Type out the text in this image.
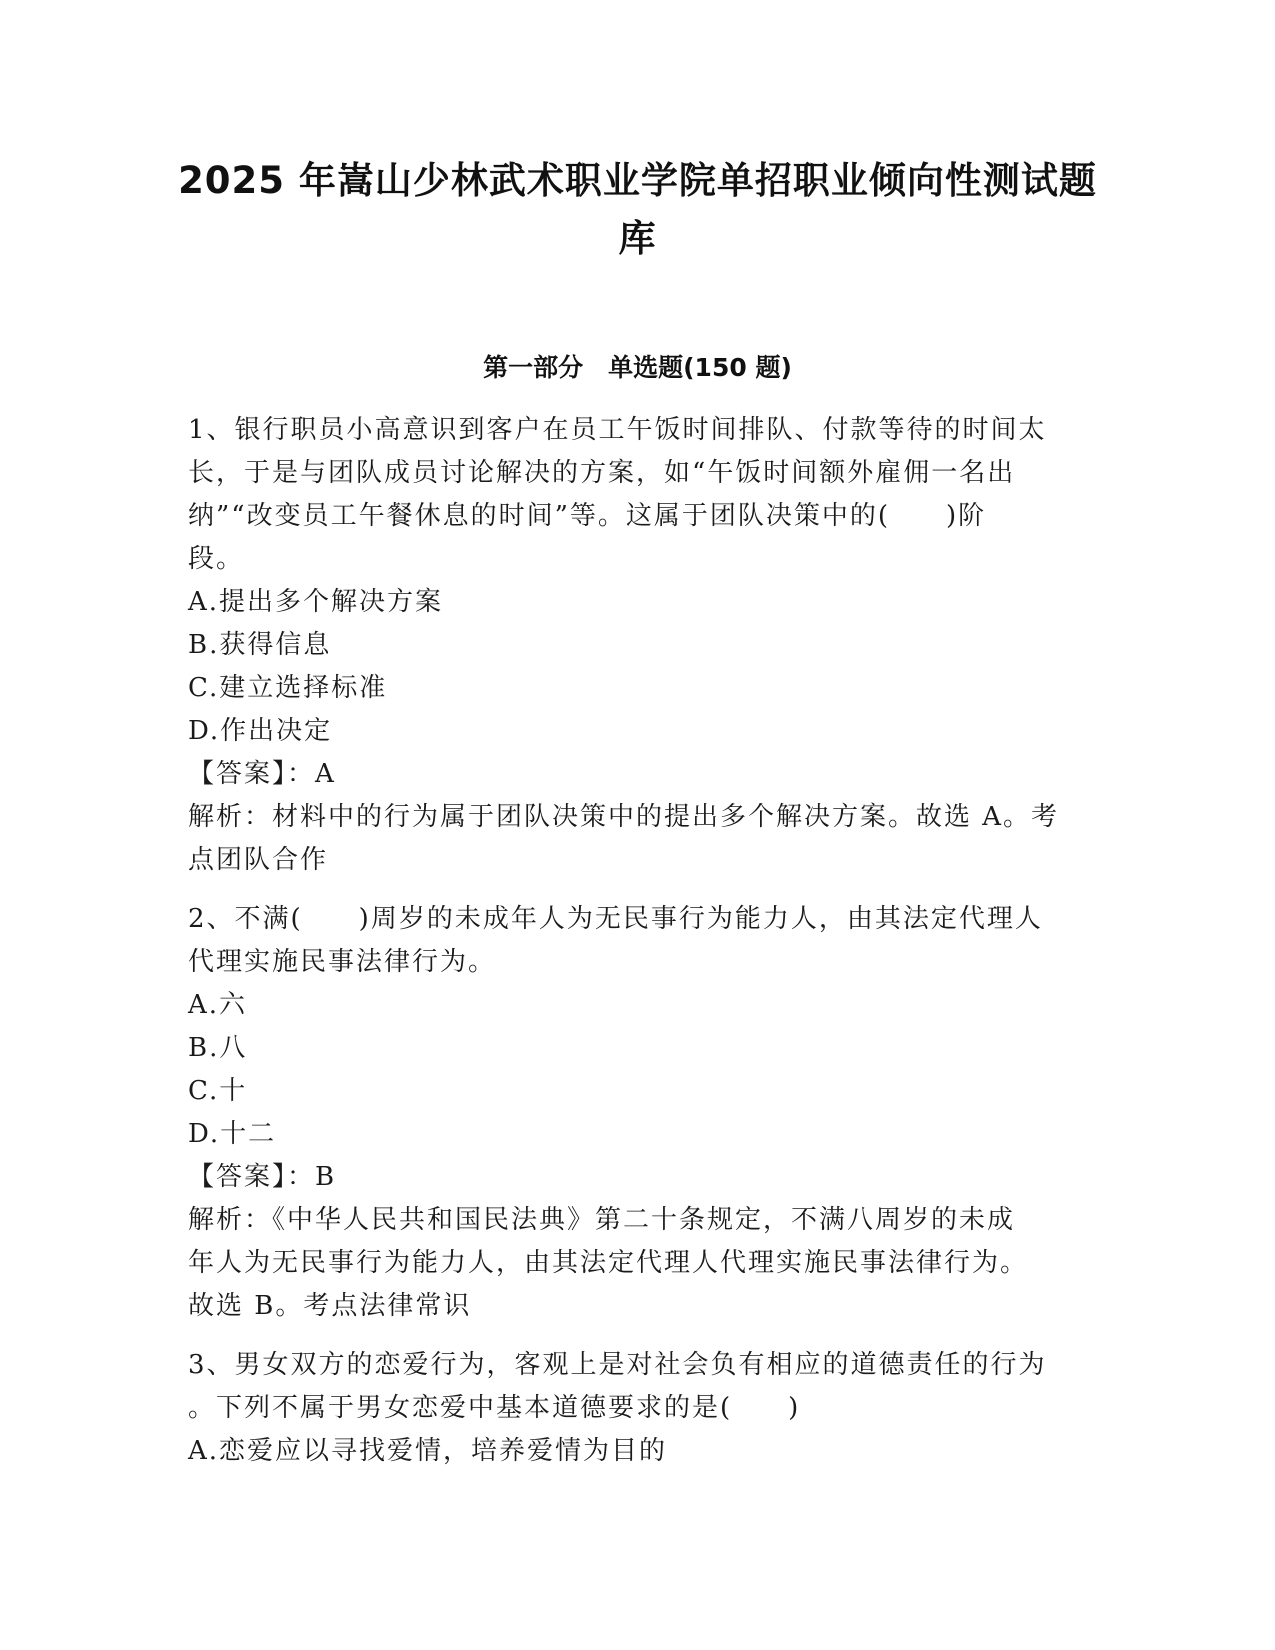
2025 年嵩山少林武术职业学院单招职业倾向性测试题
库
第一部分　单选题(150 题)
1、银行职员小高意识到客户在员工午饭时间排队、付款等待的时间太
长，于是与团队成员讨论解决的方案，如“午饭时间额外雇佣一名出
纳”“改变员工午餐休息的时间”等。这属于团队决策中的(　　)阶
段。
A.提出多个解决方案
B.获得信息
C.建立选择标准
D.作出决定
【答案】：A
解析：材料中的行为属于团队决策中的提出多个解决方案。故选 A。考
点团队合作
2、不满(　　)周岁的未成年人为无民事行为能力人，由其法定代理人
代理实施民事法律行为。
A.六
B.八
C.十
D.十二
【答案】：B
解析：《中华人民共和国民法典》第二十条规定，不满八周岁的未成
年人为无民事行为能力人，由其法定代理人代理实施民事法律行为。
故选 B。考点法律常识
3、男女双方的恋爱行为，客观上是对社会负有相应的道德责任的行为
。下列不属于男女恋爱中基本道德要求的是(　　)
A.恋爱应以寻找爱情，培养爱情为目的
